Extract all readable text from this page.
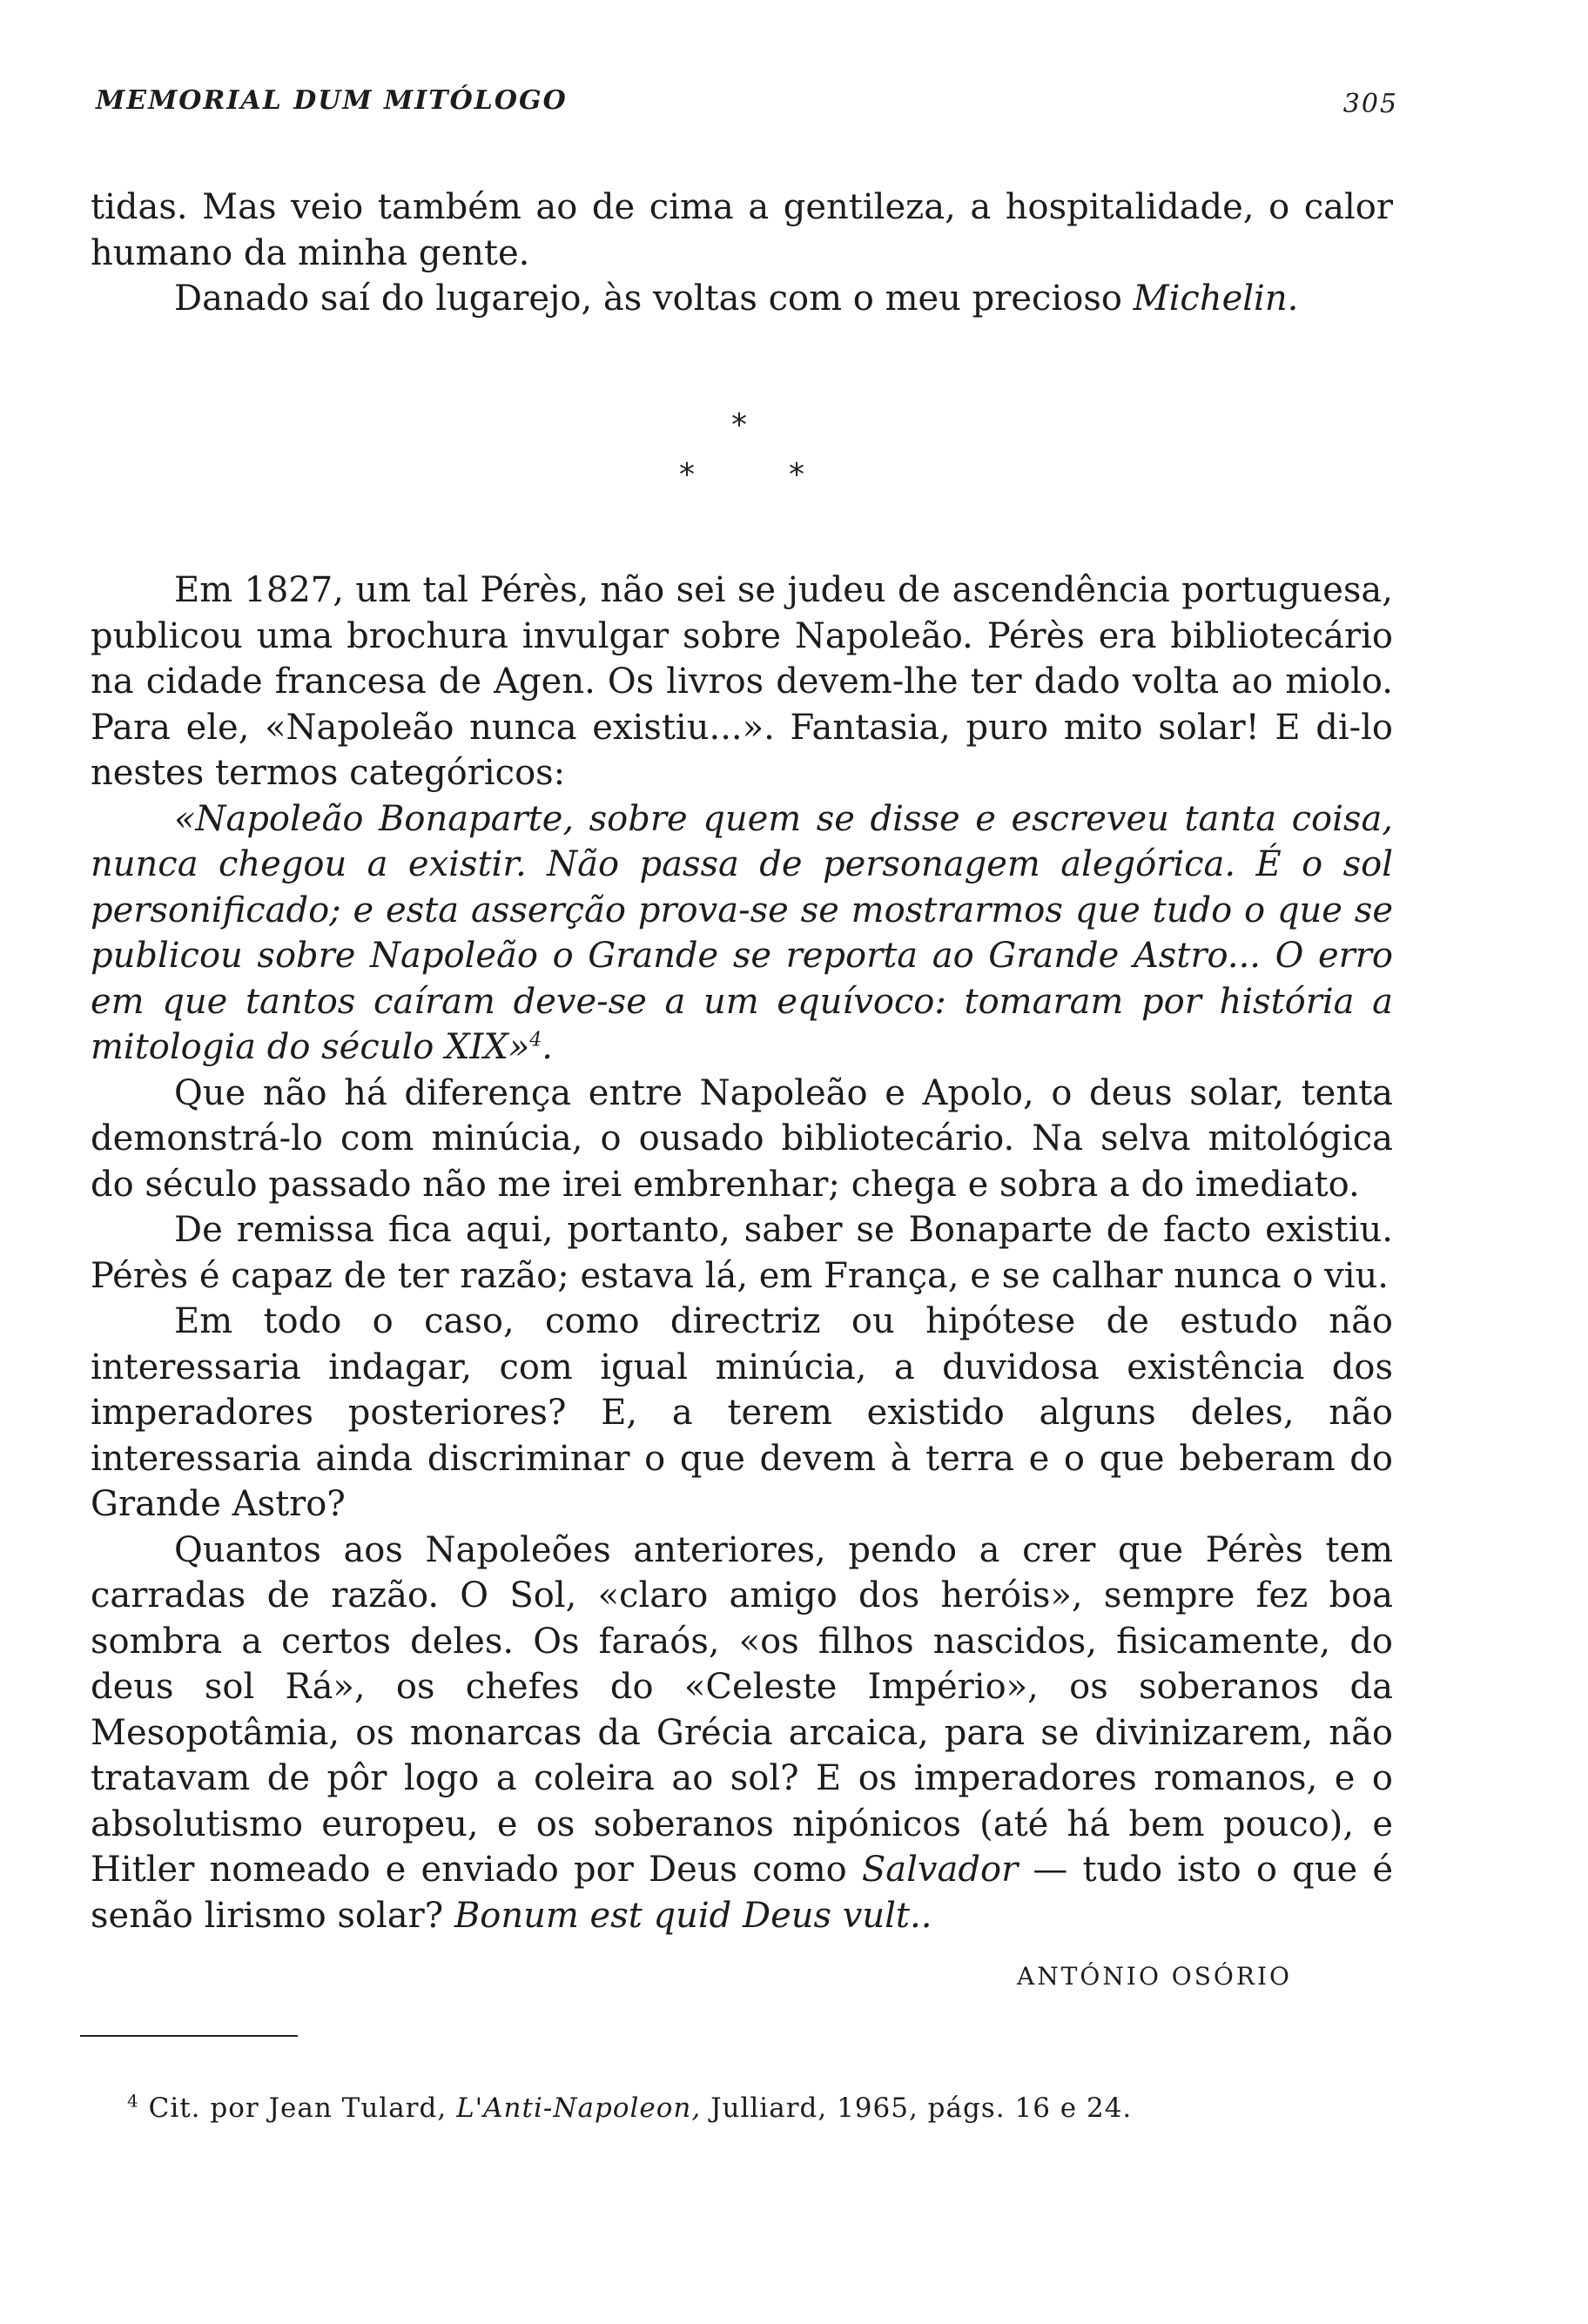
MEMORIAL DUM MITÓLOGO	305

tidas. Mas veio também ao de cima a gentileza, a hospitalidade, o calor humano da minha gente.

Danado saí do lugarejo, às voltas com o meu precioso Michelin.

*
*	*

Em 1827, um tal Pérès, não sei se judeu de ascendência portuguesa, publicou uma brochura invulgar sobre Napoleão. Pérès era bibliotecário na cidade francesa de Agen. Os livros devem-lhe ter dado volta ao miolo. Para ele, «Napoleão nunca existiu...». Fantasia, puro mito solar! E di-lo nestes termos categóricos:

«Napoleão Bonaparte, sobre quem se disse e escreveu tanta coisa, nunca chegou a existir. Não passa de personagem alegórica. É o sol personificado; e esta asserção prova-se se mostrarmos que tudo o que se publicou sobre Napoleão o Grande se reporta ao Grande Astro... O erro em que tantos caíram deve-se a um equívoco: tomaram por história a mitologia do século XIX»$^4$.

Que não há diferença entre Napoleão e Apolo, o deus solar, tenta demonstrá-lo com minúcia, o ousado bibliotecário. Na selva mitológica do século passado não me irei embrenhar; chega e sobra a do imediato.

De remissa fica aqui, portanto, saber se Bonaparte de facto existiu. Pérès é capaz de ter razão; estava lá, em França, e se calhar nunca o viu.

Em todo o caso, como directriz ou hipótese de estudo não interessaria indagar, com igual minúcia, a duvidosa existência dos imperadores posteriores? E, a terem existido alguns deles, não interessaria ainda discriminar o que devem à terra e o que beberam do Grande Astro?

Quantos aos Napoleões anteriores, pendo a crer que Pérès tem carradas de razão. O Sol, «claro amigo dos heróis», sempre fez boa sombra a certos deles. Os faraós, «os filhos nascidos, fisicamente, do deus sol Rá», os chefes do «Celeste Império», os soberanos da Mesopotâmia, os monarcas da Grécia arcaica, para se divinizarem, não tratavam de pôr logo a coleira ao sol? E os imperadores romanos, e o absolutismo europeu, e os soberanos nipónicos (até há bem pouco), e Hitler nomeado e enviado por Deus como Salvador — tudo isto o que é senão lirismo solar? Bonum est quid Deus vult..

ANTÓNIO OSÓRIO
$^4$ Cit. por Jean Tulard, L'Anti-Napoleon, Julliard, 1965, págs. 16 e 24.
